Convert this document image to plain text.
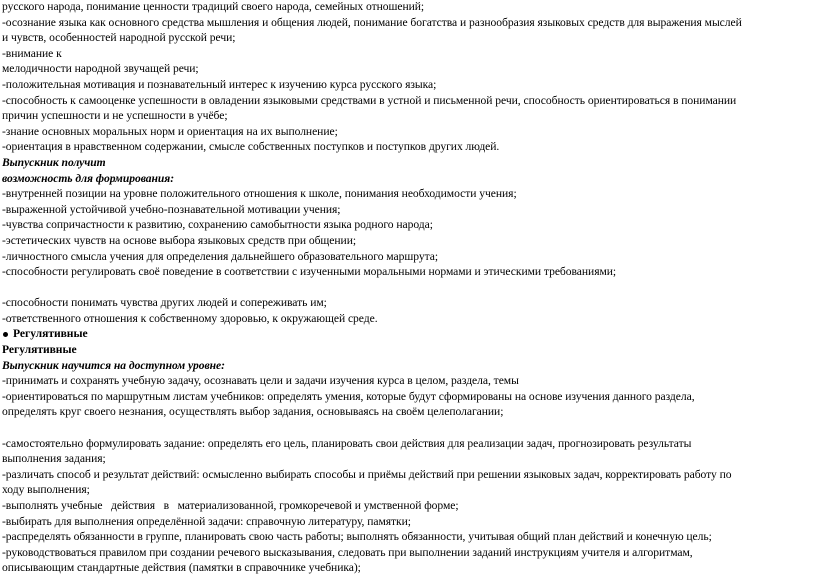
русского народа, понимание ценности традиций своего народа, семейных отношений;

-осознание языка как основного средства мышления и общения людей, понимание богатства и разнообразия языковых средств для выражения мыслей

и чувств, особенностей народной русской речи;

-внимание к

мелодичности народной звучащей речи;

-положительная мотивация и познавательный интерес к изучению курса русского языка;

-способность к самооценке успешности в овладении языковыми средствами в устной и письменной речи, способность ориентироваться в понимании

причин успешности и не успешности в учёбе;

-знание основных моральных норм и ориентация на их выполнение;

-ориентация в нравственном содержании, смысле собственных поступков и поступков других людей.

Выпускник получит

возможность для формирования:

-внутренней позиции на уровне положительного отношения к школе, понимания необходимости учения;

-выраженной устойчивой учебно-познавательной мотивации учения;

-чувства сопричастности к развитию, сохранению самобытности языка родного народа;

-эстетических чувств на основе выбора языковых средств при общении;

-личностного смысла учения для определения дальнейшего образовательного маршрута;

-способности регулировать своё поведение в соответствии с изученными моральными нормами и этическими требованиями;

-способности понимать чувства других людей и сопереживать им;

-ответственного отношения к собственному здоровью, к окружающей среде.

Регулятивные

Регулятивные

Выпускник научится на доступном уровне:

-принимать и сохранять учебную задачу, осознавать цели и задачи изучения курса в целом, раздела, темы

-ориентироваться по маршрутным листам учебников: определять умения, которые будут сформированы на основе изучения данного раздела,

определять круг своего незнания, осуществлять выбор задания, основываясь на своём целеполагании;

-самостоятельно формулировать задание: определять его цель, планировать свои действия для реализации задач, прогнозировать результаты

выполнения задания;

-различать способ и результат действий: осмысленно выбирать способы и приёмы действий при решении языковых задач, корректировать работу по

ходу выполнения;

-выполнять учебные   действия   в   материализованной, громкоречевой и умственной форме;

-выбирать для выполнения определённой задачи: справочную литературу, памятки;

-распределять обязанности в группе, планировать свою часть работы; выполнять обязанности, учитывая общий план действий и конечную цель;

-руководствоваться правилом при создании речевого высказывания, следовать при выполнении заданий инструкциям учителя и алгоритмам,

описывающим стандартные действия (памятки в справочнике учебника);
